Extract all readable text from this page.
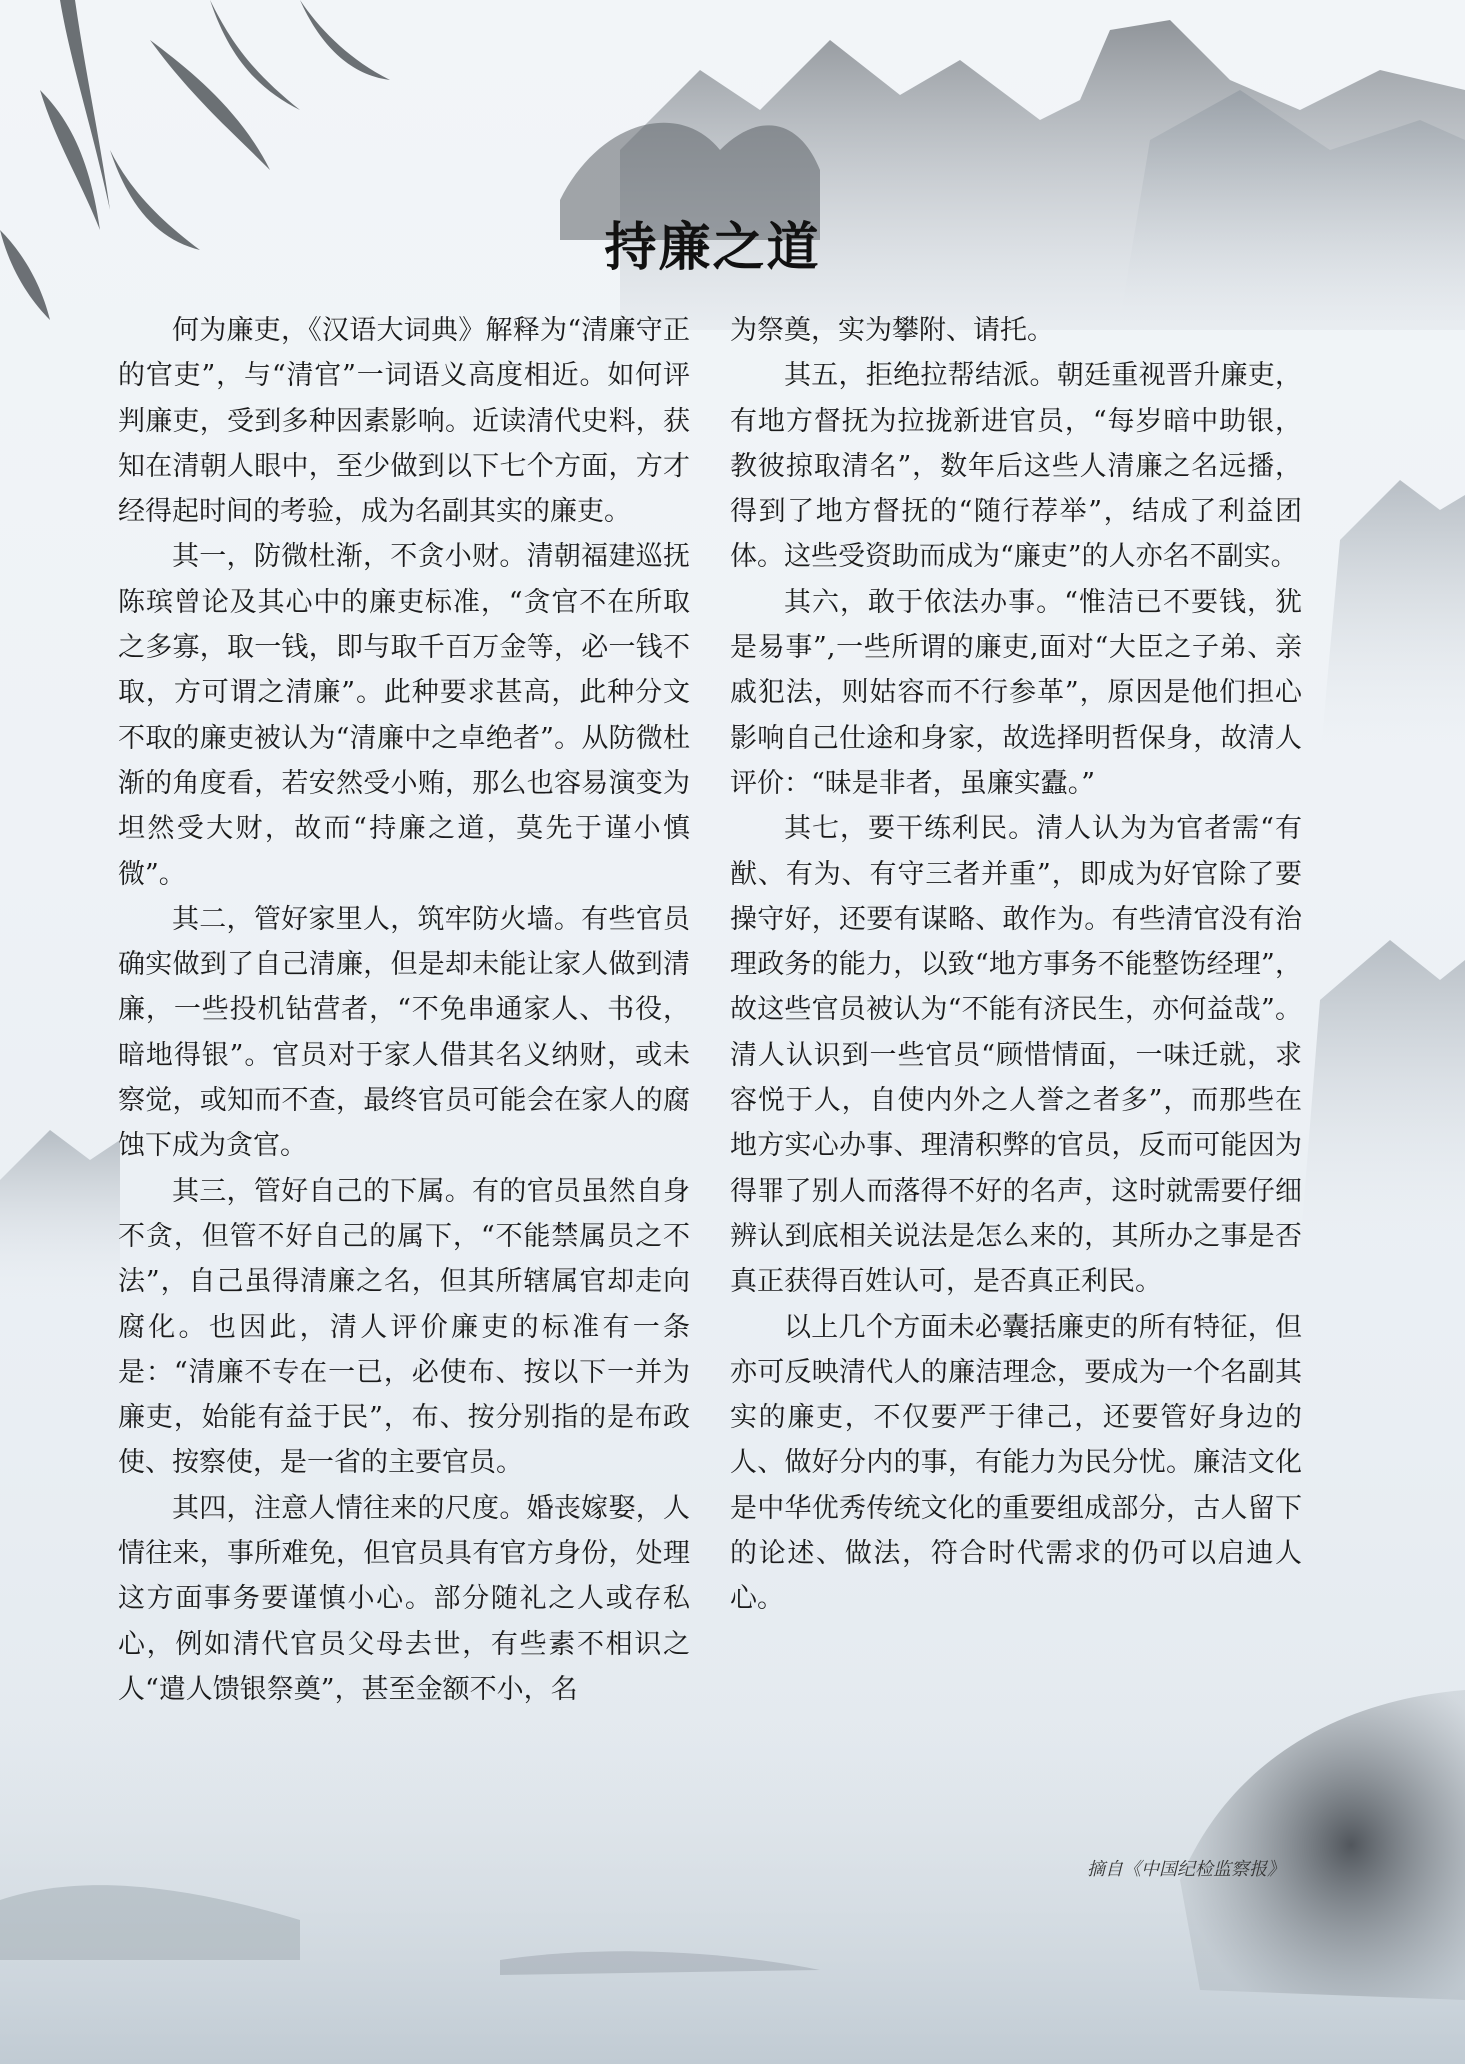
持廉之道

何为廉吏，《汉语大词典》解释为“清廉守正的官吏”，与“清官”一词语义高度相近。如何评判廉吏，受到多种因素影响。近读清代史料，获知在清朝人眼中，至少做到以下七个方面，方才经得起时间的考验，成为名副其实的廉吏。

其一，防微杜渐，不贪小财。清朝福建巡抚陈瑸曾论及其心中的廉吏标准，“贪官不在所取之多寡，取一钱，即与取千百万金等，必一钱不取，方可谓之清廉”。此种要求甚高，此种分文不取的廉吏被认为“清廉中之卓绝者”。从防微杜渐的角度看，若安然受小贿，那么也容易演变为坦然受大财，故而“持廉之道，莫先于谨小慎微”。

其二，管好家里人，筑牢防火墙。有些官员确实做到了自己清廉，但是却未能让家人做到清廉，一些投机钻营者，“不免串通家人、书役，暗地得银”。官员对于家人借其名义纳财，或未察觉，或知而不查，最终官员可能会在家人的腐蚀下成为贪官。

其三，管好自己的下属。有的官员虽然自身不贪，但管不好自己的属下，“不能禁属员之不法”，自己虽得清廉之名，但其所辖属官却走向腐化。也因此，清人评价廉吏的标准有一条是：“清廉不专在一已，必使布、按以下一并为廉吏，始能有益于民”，布、按分别指的是布政使、按察使，是一省的主要官员。

其四，注意人情往来的尺度。婚丧嫁娶，人情往来，事所难免，但官员具有官方身份，处理这方面事务要谨慎小心。部分随礼之人或存私心，例如清代官员父母去世，有些素不相识之人“遣人馈银祭奠”，甚至金额不小，名

为祭奠，实为攀附、请托。

其五，拒绝拉帮结派。朝廷重视晋升廉吏，有地方督抚为拉拢新进官员，“每岁暗中助银，教彼掠取清名”，数年后这些人清廉之名远播，得到了地方督抚的“随行荐举”，结成了利益团体。这些受资助而成为“廉吏”的人亦名不副实。

其六，敢于依法办事。“惟洁已不要钱，犹是易事”,一些所谓的廉吏,面对“大臣之子弟、亲戚犯法，则姑容而不行参革”，原因是他们担心影响自己仕途和身家，故选择明哲保身，故清人评价：“昧是非者，虽廉实蠹。”

其七，要干练利民。清人认为为官者需“有猷、有为、有守三者并重”，即成为好官除了要操守好，还要有谋略、敢作为。有些清官没有治理政务的能力，以致“地方事务不能整饬经理”，故这些官员被认为“不能有济民生，亦何益哉”。清人认识到一些官员“顾惜情面，一味迁就，求容悦于人，自使内外之人誉之者多”，而那些在地方实心办事、理清积弊的官员，反而可能因为得罪了别人而落得不好的名声，这时就需要仔细辨认到底相关说法是怎么来的，其所办之事是否真正获得百姓认可，是否真正利民。

以上几个方面未必囊括廉吏的所有特征，但亦可反映清代人的廉洁理念，要成为一个名副其实的廉吏，不仅要严于律己，还要管好身边的人、做好分内的事，有能力为民分忧。廉洁文化是中华优秀传统文化的重要组成部分，古人留下的论述、做法，符合时代需求的仍可以启迪人心。

摘自《中国纪检监察报》
